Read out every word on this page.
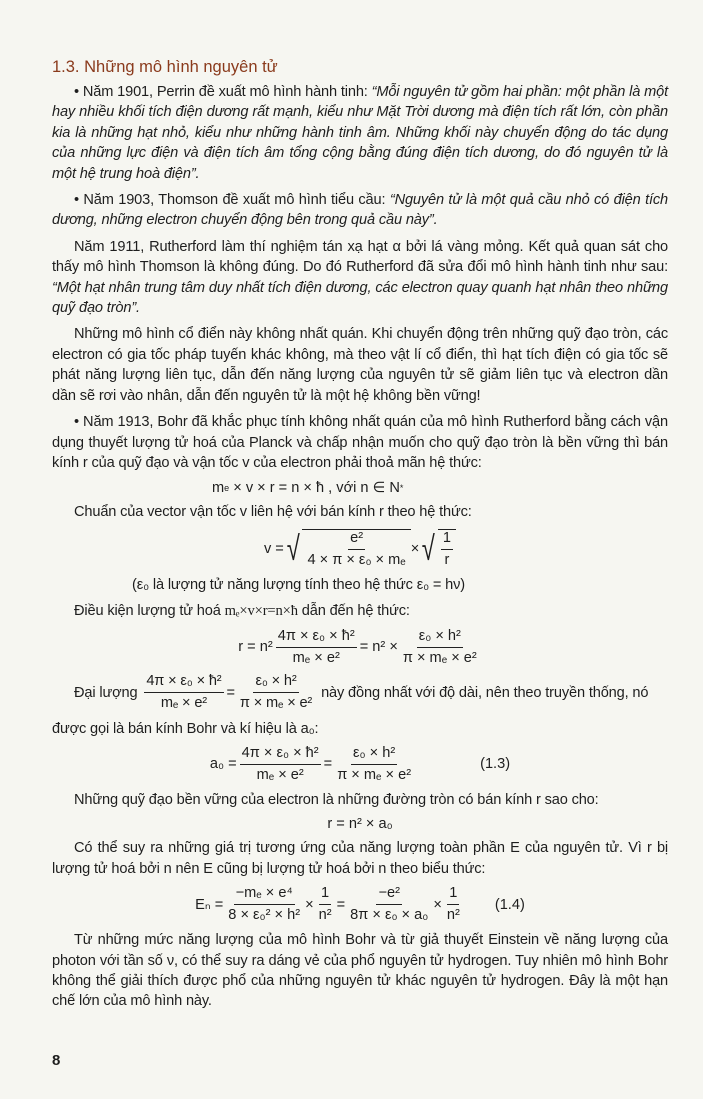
1.3. Những mô hình nguyên tử
• Năm 1901, Perrin đề xuất mô hình hành tinh: “Mỗi nguyên tử gồm hai phần: một phần là một hay nhiều khối tích điện dương rất mạnh, kiểu như Mặt Trời dương mà điện tích rất lớn, còn phần kia là những hạt nhỏ, kiểu như những hành tinh âm. Những khối này chuyển động do tác dụng của những lực điện và điện tích âm tổng cộng bằng đúng điện tích dương, do đó nguyên tử là một hệ trung hoà điện”.
• Năm 1903, Thomson đề xuất mô hình tiểu cầu: “Nguyên tử là một quả cầu nhỏ có điện tích dương, những electron chuyển động bên trong quả cầu này”.
Năm 1911, Rutherford làm thí nghiệm tán xạ hạt α bởi lá vàng mỏng. Kết quả quan sát cho thấy mô hình Thomson là không đúng. Do đó Rutherford đã sửa đổi mô hình hành tinh như sau: “Một hạt nhân trung tâm duy nhất tích điện dương, các electron quay quanh hạt nhân theo những quỹ đạo tròn”.
Những mô hình cổ điển này không nhất quán. Khi chuyển động trên những quỹ đạo tròn, các electron có gia tốc pháp tuyến khác không, mà theo vật lí cổ điển, thì hạt tích điện có gia tốc sẽ phát năng lượng liên tục, dẫn đến năng lượng của nguyên tử sẽ giảm liên tục và electron dần dần sẽ rơi vào nhân, dẫn đến nguyên tử là một hệ không bền vững!
• Năm 1913, Bohr đã khắc phục tính không nhất quán của mô hình Rutherford bằng cách vận dụng thuyết lượng tử hoá của Planck và chấp nhận muốn cho quỹ đạo tròn là bền vững thì bán kính r của quỹ đạo và vận tốc v của electron phải thoả mãn hệ thức:
m e × v × r = n × ħ , với n ∈ N *
Chuẩn của vector vận tốc v liên hệ với bán kính r theo hệ thức:
v = √ $\frac{\text{e²}}{\text{4 × π × ε₀ × mₑ}}$ × √ $\frac{1}{r}$
(ε₀ là lượng tử năng lượng tính theo hệ thức ε₀ = hν)
Điều kiện lượng tử hoá mₑ×v×r=n×ħ dẫn đến hệ thức:
$r = n^2 \frac{\text{4π × ε₀ × ħ²}}{\text{mₑ × e²}} = n^2 \times \frac{\text{ε₀ × h²}}{\text{π × mₑ × e²}}$
Đại lượng $\frac{\text{4π × ε₀ × ħ²}}{\text{mₑ × e²}} = \frac{\text{ε₀ × h²}}{\text{π × mₑ × e²}}$ này đồng nhất với độ dài, nên theo truyền thống, nó
được gọi là bán kính Bohr và kí hiệu là a₀:
$a_0 = \frac{\text{4π × ε₀ × ħ²}}{\text{mₑ × e²}} = \frac{\text{ε₀ × h²}}{\text{π × mₑ × e²}}$	(1.3)
Những quỹ đạo bền vững của electron là những đường tròn có bán kính r sao cho:
r = n² × a₀
Có thể suy ra những giá trị tương ứng của năng lượng toàn phần E của nguyên tử. Vì r bị lượng tử hoá bởi n nên E cũng bị lượng tử hoá bởi n theo biểu thức:
$E_n = \frac{\text{−mₑ × e⁴}}{\text{8 × ε₀² × h²}} \times \frac{1}{\text{n²}} = \frac{\text{−e²}}{\text{8π × ε₀ × a₀}} \times \frac{1}{\text{n²}} (1.4)$
Từ những mức năng lượng của mô hình Bohr và từ giả thuyết Einstein về năng lượng của photon với tần số ν, có thể suy ra dáng vẻ của phổ nguyên tử hydrogen. Tuy nhiên mô hình Bohr không thể giải thích được phổ của những nguyên tử khác nguyên tử hydrogen. Đây là một hạn chế lớn của mô hình này.
8
